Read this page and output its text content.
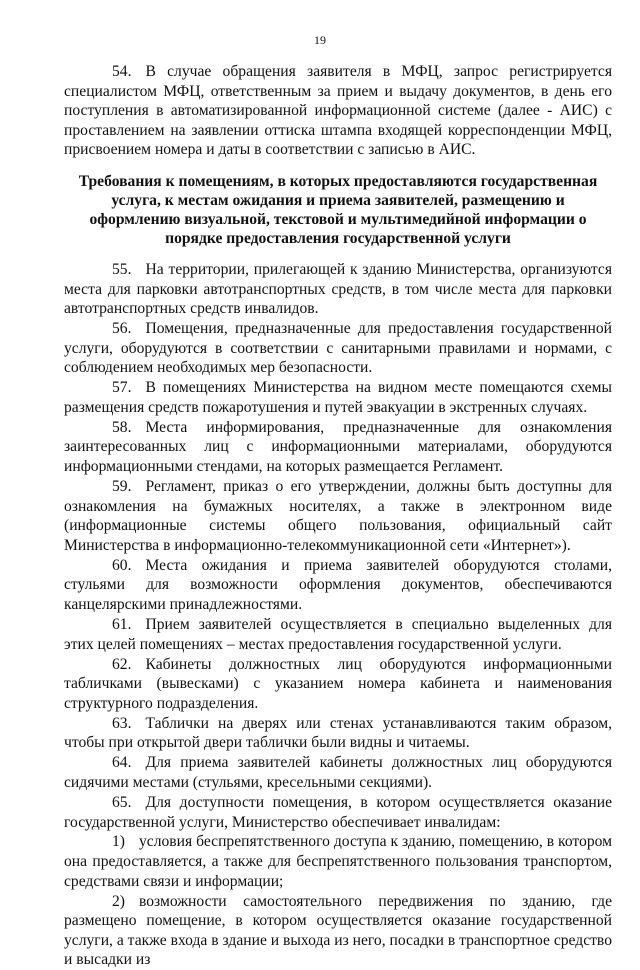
19

54. В случае обращения заявителя в МФЦ, запрос регистрируется специалистом МФЦ, ответственным за прием и выдачу документов, в день его поступления в автоматизированной информационной системе (далее - АИС) с проставлением на заявлении оттиска штампа входящей корреспонденции МФЦ, присвоением номера и даты в соответствии с записью в АИС.

Требования к помещениям, в которых предоставляются государственная услуга, к местам ожидания и приема заявителей, размещению и оформлению визуальной, текстовой и мультимедийной информации о порядке предоставления государственной услуги

55. На территории, прилегающей к зданию Министерства, организуются места для парковки автотранспортных средств, в том числе места для парковки автотранспортных средств инвалидов.

56. Помещения, предназначенные для предоставления государственной услуги, оборудуются в соответствии с санитарными правилами и нормами, с соблюдением необходимых мер безопасности.

57. В помещениях Министерства на видном месте помещаются схемы размещения средств пожаротушения и путей эвакуации в экстренных случаях.

58. Места информирования, предназначенные для ознакомления заинтересованных лиц с информационными материалами, оборудуются информационными стендами, на которых размещается Регламент.

59. Регламент, приказ о его утверждении, должны быть доступны для ознакомления на бумажных носителях, а также в электронном виде (информационные системы общего пользования, официальный сайт Министерства в информационно-телекоммуникационной сети «Интернет»).

60. Места ожидания и приема заявителей оборудуются столами, стульями для возможности оформления документов, обеспечиваются канцелярскими принадлежностями.

61. Прием заявителей осуществляется в специально выделенных для этих целей помещениях – местах предоставления государственной услуги.

62. Кабинеты должностных лиц оборудуются информационными табличками (вывесками) с указанием номера кабинета и наименования структурного подразделения.

63. Таблички на дверях или стенах устанавливаются таким образом, чтобы при открытой двери таблички были видны и читаемы.

64. Для приема заявителей кабинеты должностных лиц оборудуются сидячими местами (стульями, кресельными секциями).

65. Для доступности помещения, в котором осуществляется оказание государственной услуги, Министерство обеспечивает инвалидам:

1) условия беспрепятственного доступа к зданию, помещению, в котором она предоставляется, а также для беспрепятственного пользования транспортом, средствами связи и информации;

2) возможности самостоятельного передвижения по зданию, где размещено помещение, в котором осуществляется оказание государственной услуги, а также входа в здание и выхода из него, посадки в транспортное средство и высадки из
